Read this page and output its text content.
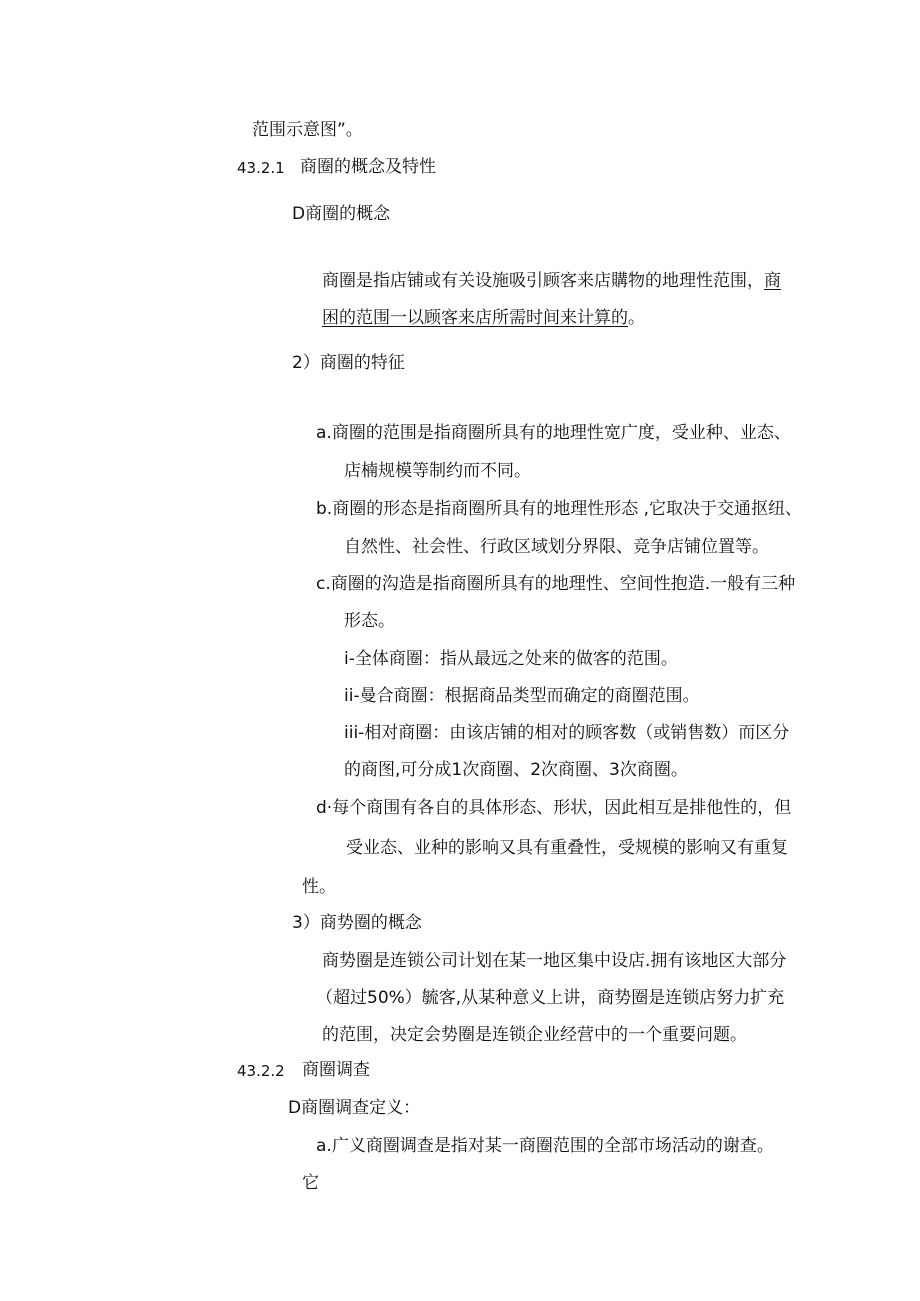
范围示意图”。
43.2.1 商圈的概念及特性
D商圈的概念
商圈是指店铺或有关设施吸引顾客来店購物的地理性范围，商
困的范围一以顾客来店所需时间来计算的。
2）商圈的特征
a.商圈的范围是指商圈所具有的地理性宽广度，受业种、业态、
店楠规模等制约而不同。
b.商圈的形态是指商圈所具有的地理性形态 ,它取决于交通抠纽、
自然性、社会性、行政区域划分界限、竞争店铺位置等。
c.商圈的沟造是指商圈所具有的地理性、空间性抱造.一般有三种
形态。
i-全体商圈：指从最远之处来的做客的范围。
ii-曼合商圈：根据商品类型而确定的商圈范围。
iii-相对商圈：由该店铺的相对的顾客数（或销售数）而区分
的商图,可分成1次商圈、2次商圈、3次商圈。
d·每个商围有各自的具体形态、形状，因此相互是排他性的，但
受业态、业种的影响又具有重叠性，受规模的影响又有重复
性。
3）商势圈的概念
商势圈是连锁公司计划在某一地区集中设店.拥有该地区大部分
（超过50%）毓客,从某种意义上讲，商势圈是连锁店努力扩充
的范围，决定会势圈是连锁企业经营中的一个重要问题。
43.2.2 商圈调查
D商圈调查定义：
a.广义商圈调查是指对某一商圈范围的全部市场活动的谢查。
它
